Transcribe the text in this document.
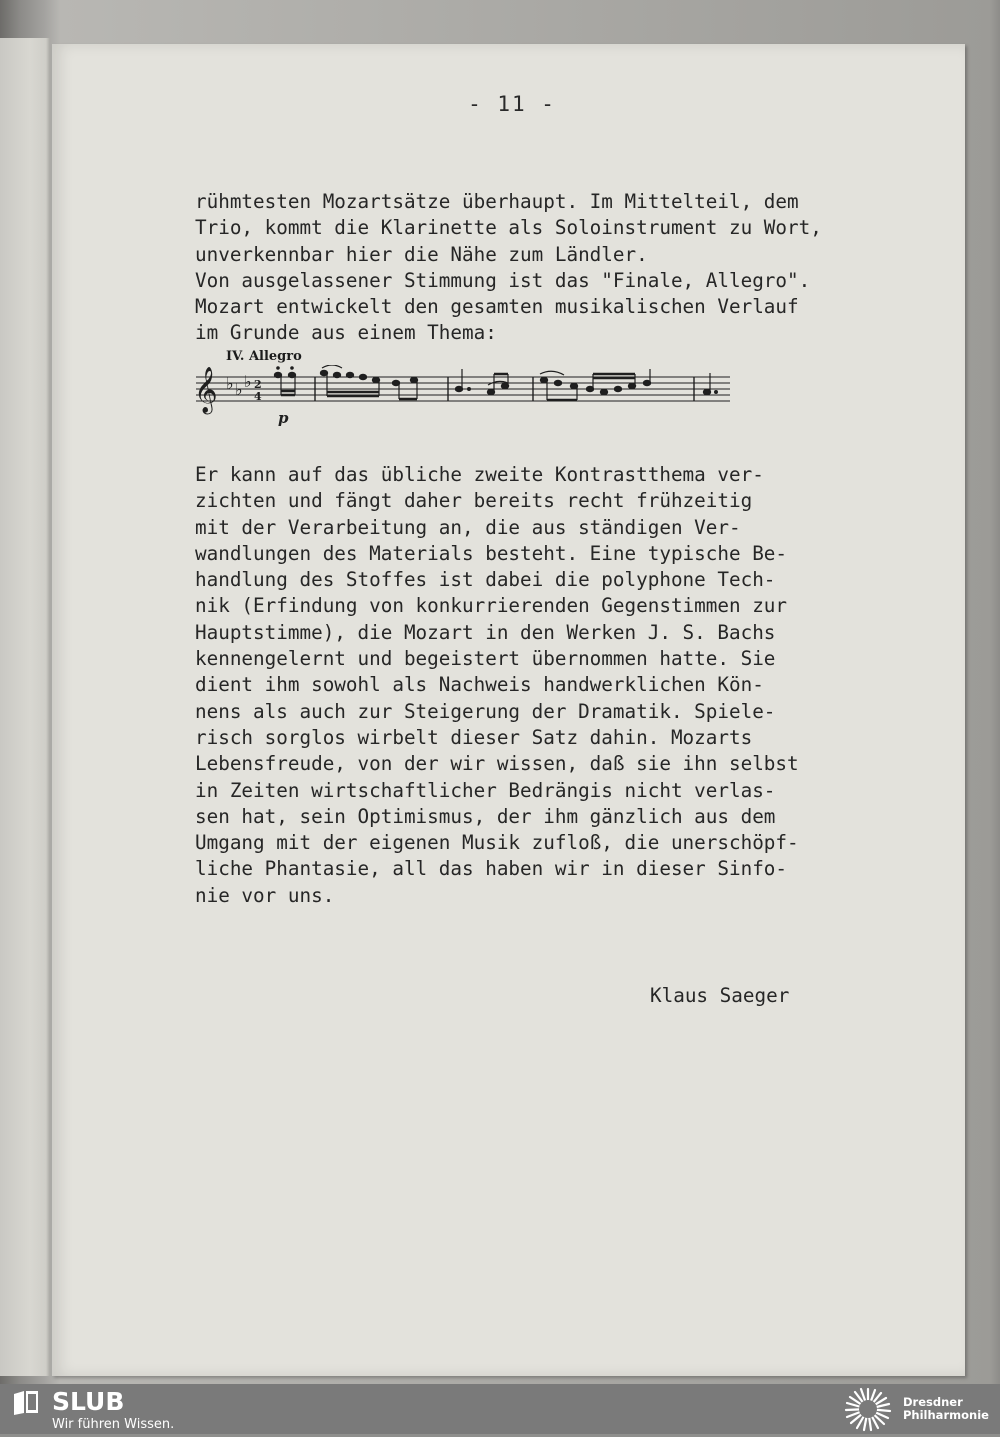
- 11 -

rühmtesten Mozartsätze überhaupt. Im Mittelteil, dem
Trio, kommt die Klarinette als Soloinstrument zu Wort,
unverkennbar hier die Nähe zum Ländler.
Von ausgelassener Stimmung ist das "Finale, Allegro".
Mozart entwickelt den gesamten musikalischen Verlauf
im Grunde aus einem Thema:

IV. Allegro
𝄞 ♭ ♭ ♭ 2
4
p

Er kann auf das übliche zweite Kontrastthema ver-
zichten und fängt daher bereits recht frühzeitig
mit der Verarbeitung an, die aus ständigen Ver-
wandlungen des Materials besteht. Eine typische Be-
handlung des Stoffes ist dabei die polyphone Tech-
nik (Erfindung von konkurrierenden Gegenstimmen zur
Hauptstimme), die Mozart in den Werken J. S. Bachs
kennengelernt und begeistert übernommen hatte. Sie
dient ihm sowohl als Nachweis handwerklichen Kön-
nens als auch zur Steigerung der Dramatik. Spiele-
risch sorglos wirbelt dieser Satz dahin. Mozarts
Lebensfreude, von der wir wissen, daß sie ihn selbst
in Zeiten wirtschaftlicher Bedrängis nicht verlas-
sen hat, sein Optimismus, der ihm gänzlich aus dem
Umgang mit der eigenen Musik zufloß, die unerschöpf-
liche Phantasie, all das haben wir in dieser Sinfo-
nie vor uns.

Klaus Saeger

SLUB
Wir führen Wissen.
Dresdner
Philharmonie
